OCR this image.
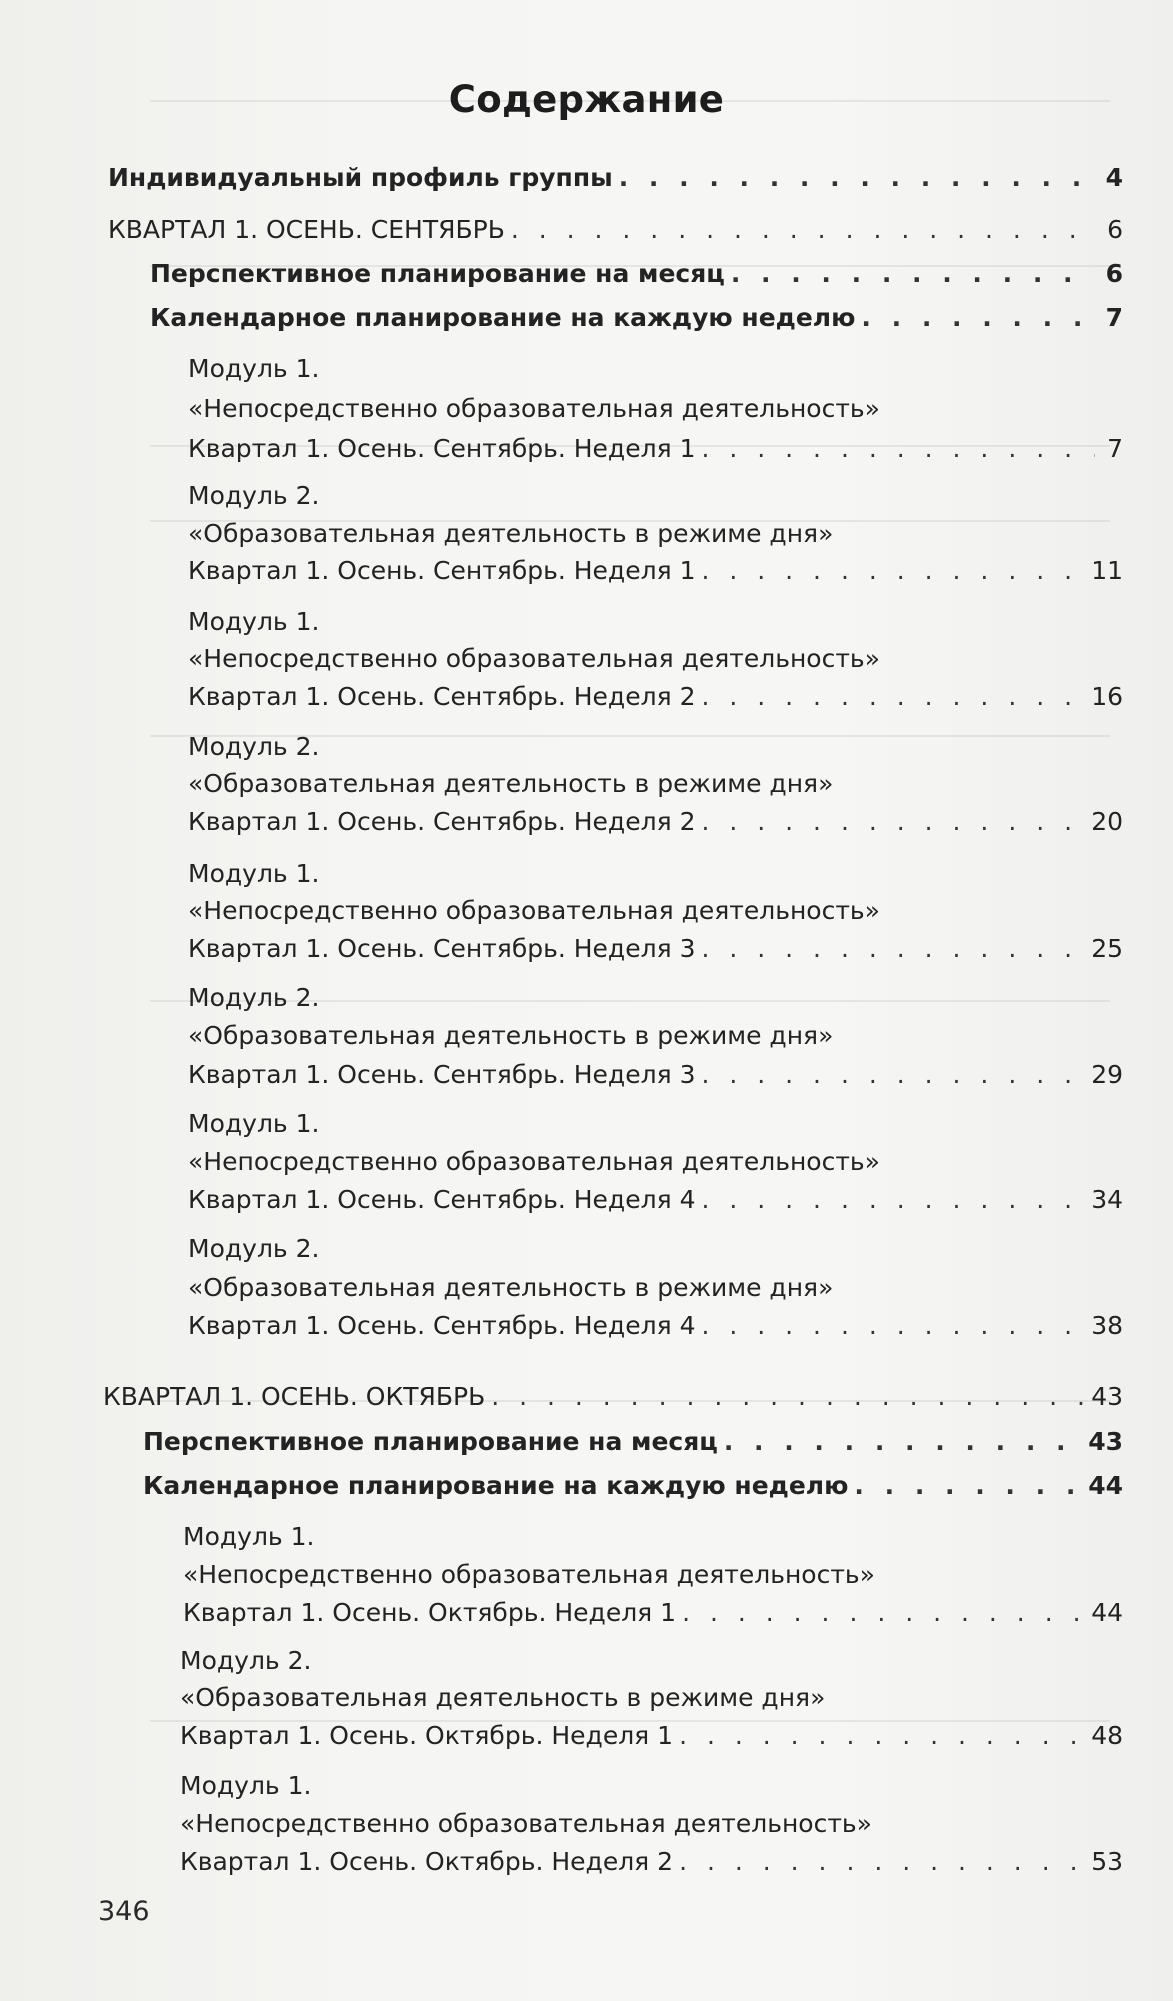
Содержание
Индивидуальный профиль группы . . .	4
КВАРТАЛ 1. ОСЕНЬ. СЕНТЯБРЬ . . .	6
Перспективное планирование на месяц . . .	6
Календарное планирование на каждую неделю . . .	7
Модуль 1.
«Непосредственно образовательная деятельность»
Квартал 1. Осень. Сентябрь. Неделя 1 . . .	7
Модуль 2.
«Образовательная деятельность в режиме дня»
Квартал 1. Осень. Сентябрь. Неделя 1 . . .	11
Модуль 1.
«Непосредственно образовательная деятельность»
Квартал 1. Осень. Сентябрь. Неделя 2 . . .	16
Модуль 2.
«Образовательная деятельность в режиме дня»
Квартал 1. Осень. Сентябрь. Неделя 2 . . .	20
Модуль 1.
«Непосредственно образовательная деятельность»
Квартал 1. Осень. Сентябрь. Неделя 3 . . .	25
Модуль 2.
«Образовательная деятельность в режиме дня»
Квартал 1. Осень. Сентябрь. Неделя 3 . . .	29
Модуль 1.
«Непосредственно образовательная деятельность»
Квартал 1. Осень. Сентябрь. Неделя 4 . . .	34
Модуль 2.
«Образовательная деятельность в режиме дня»
Квартал 1. Осень. Сентябрь. Неделя 4 . . .	38
КВАРТАЛ 1. ОСЕНЬ. ОКТЯБРЬ . . .	43
Перспективное планирование на месяц . . .	43
Календарное планирование на каждую неделю . . .	44
Модуль 1.
«Непосредственно образовательная деятельность»
Квартал 1. Осень. Октябрь. Неделя 1 . . .	44
Модуль 2.
«Образовательная деятельность в режиме дня»
Квартал 1. Осень. Октябрь. Неделя 1 . . .	48
Модуль 1.
«Непосредственно образовательная деятельность»
Квартал 1. Осень. Октябрь. Неделя 2 . . .	53
346
